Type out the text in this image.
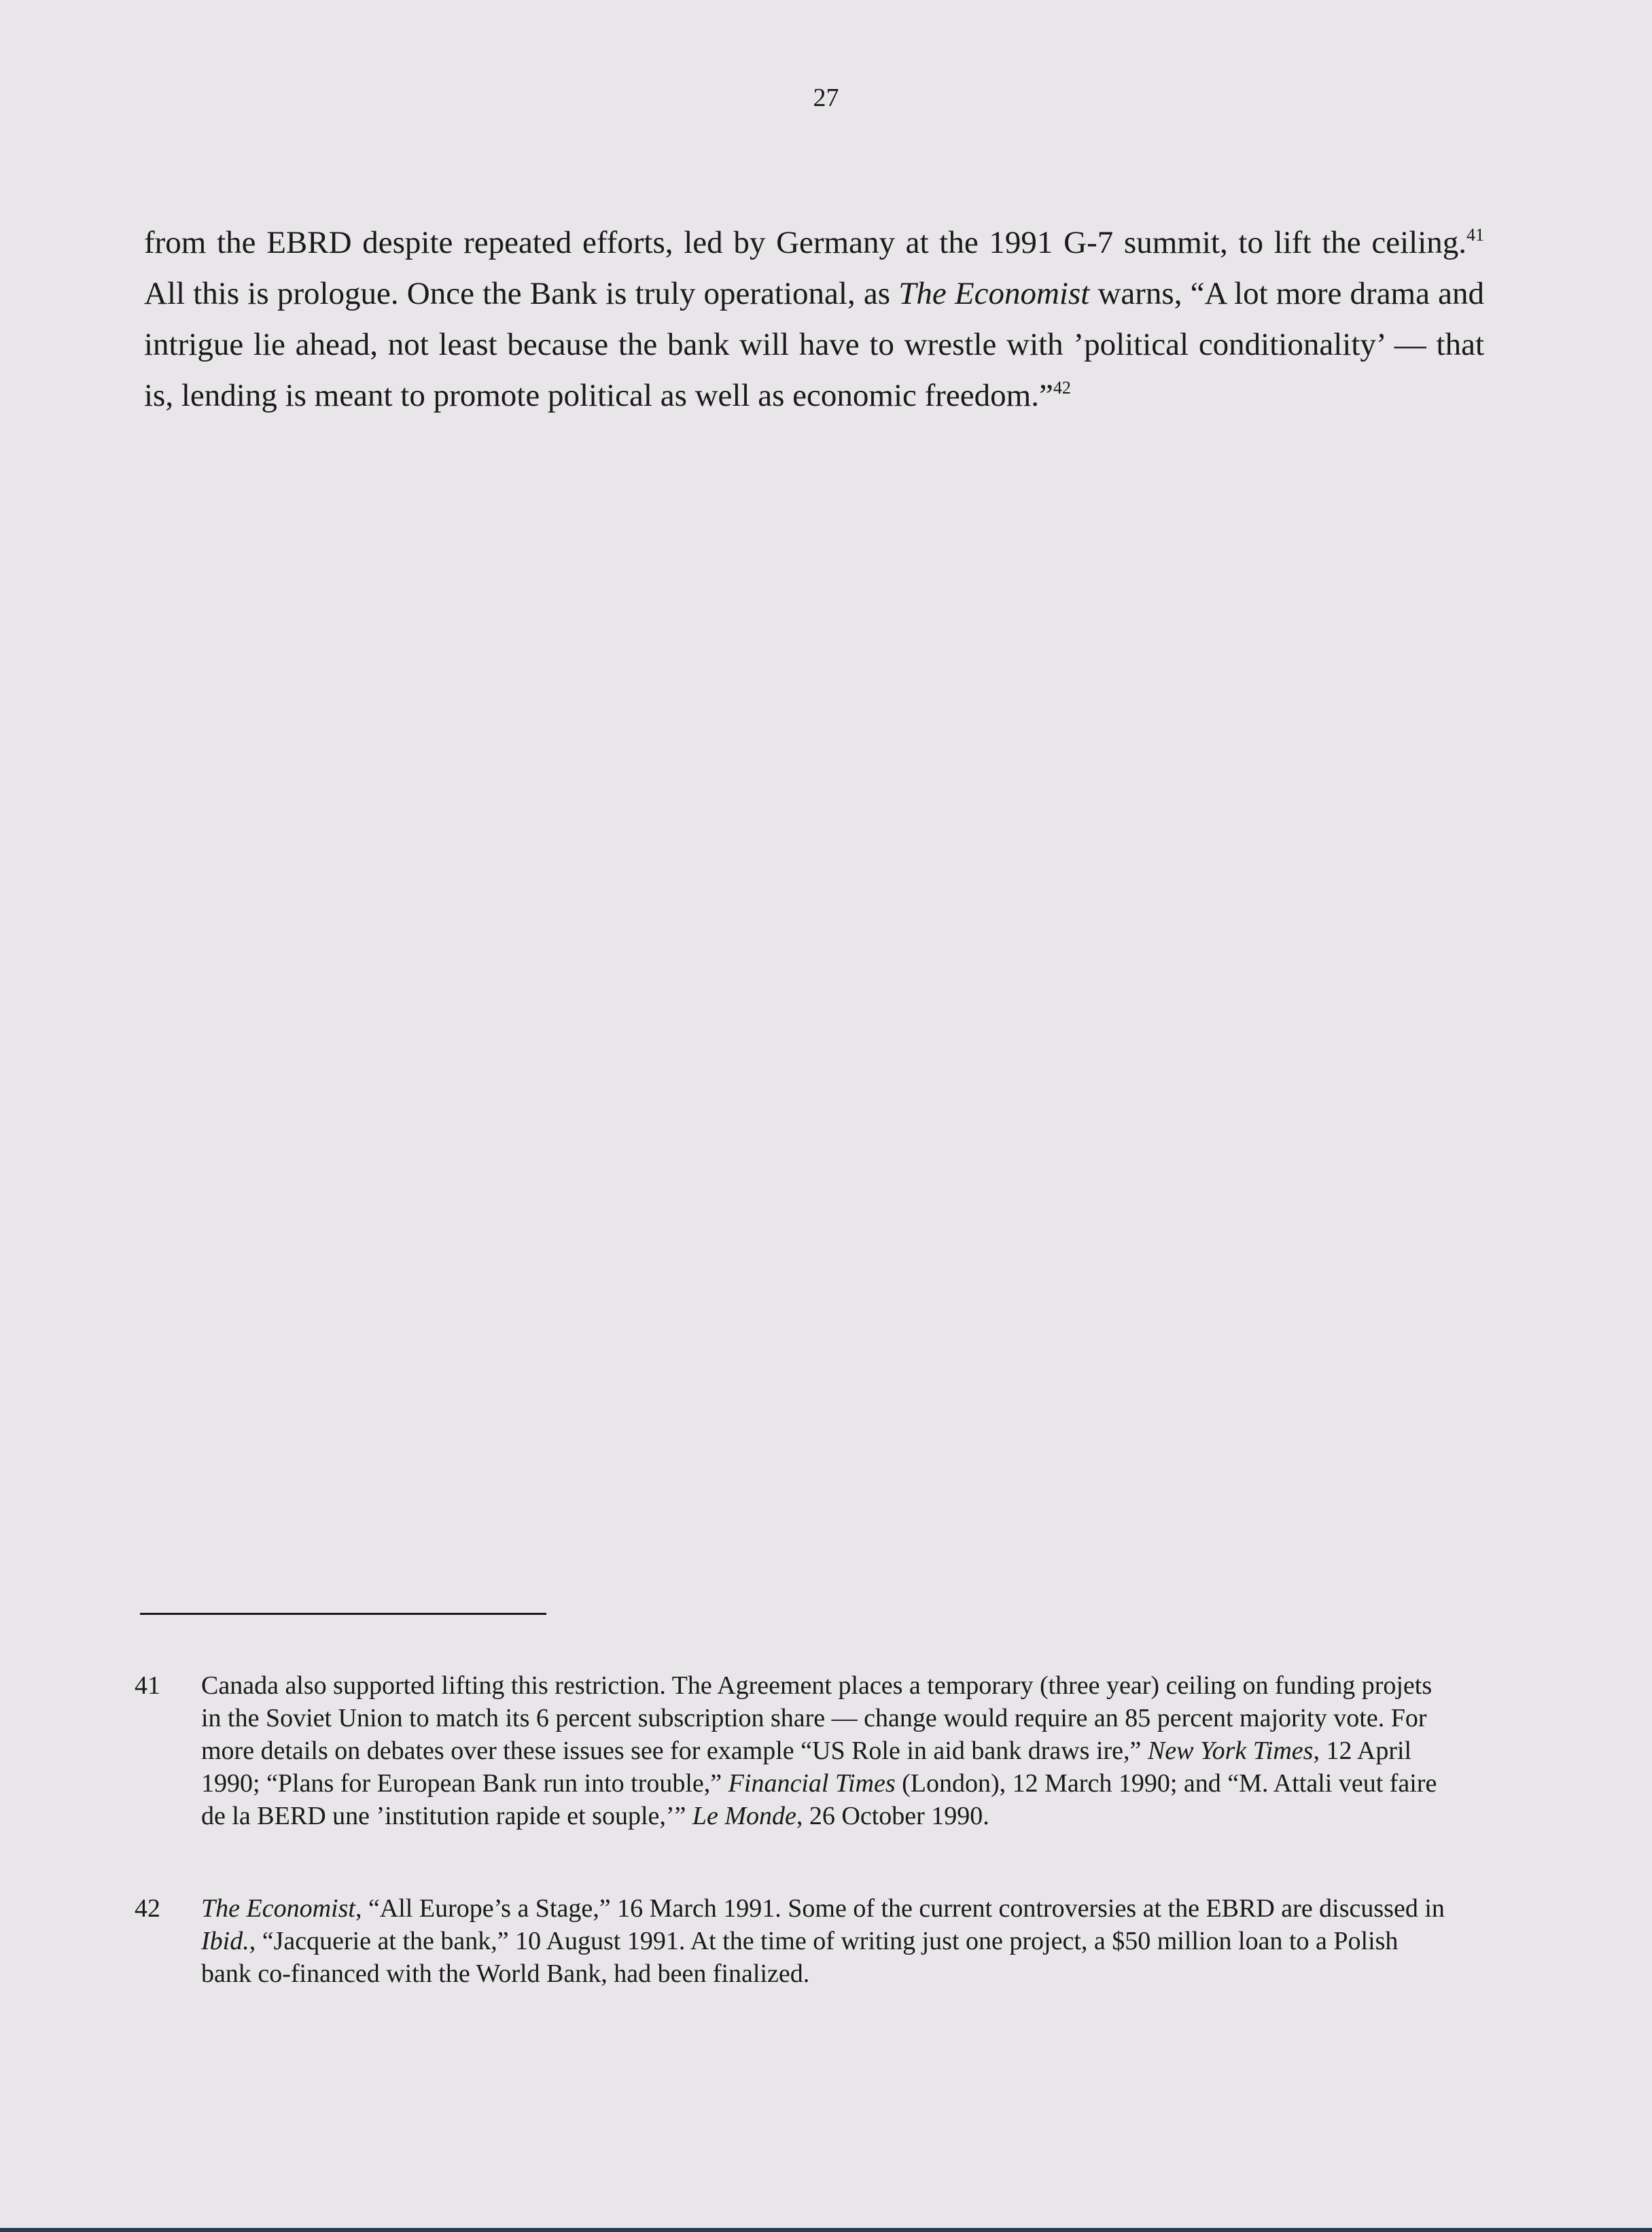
27

from the EBRD despite repeated efforts, led by Germany at the 1991 G-7 summit, to lift the ceiling.$^{41}$ All this is prologue. Once the Bank is truly operational, as The Economist warns, “A lot more drama and intrigue lie ahead, not least because the bank will have to wrestle with ’political conditionality’ — that is, lending is meant to promote political as well as economic freedom.”$^{42}$

41	Canada also supported lifting this restriction. The Agreement places a temporary (three year) ceiling on funding projets in the Soviet Union to match its 6 percent subscription share — change would require an 85 percent majority vote. For more details on debates over these issues see for example “US Role in aid bank draws ire,” New York Times, 12 April 1990; “Plans for European Bank run into trouble,” Financial Times (London), 12 March 1990; and “M. Attali veut faire de la BERD une ’institution rapide et souple,’” Le Monde, 26 October 1990.
42	The Economist, “All Europe’s a Stage,” 16 March 1991. Some of the current controversies at the EBRD are discussed in Ibid., “Jacquerie at the bank,” 10 August 1991. At the time of writing just one project, a $50 million loan to a Polish bank co-financed with the World Bank, had been finalized.
